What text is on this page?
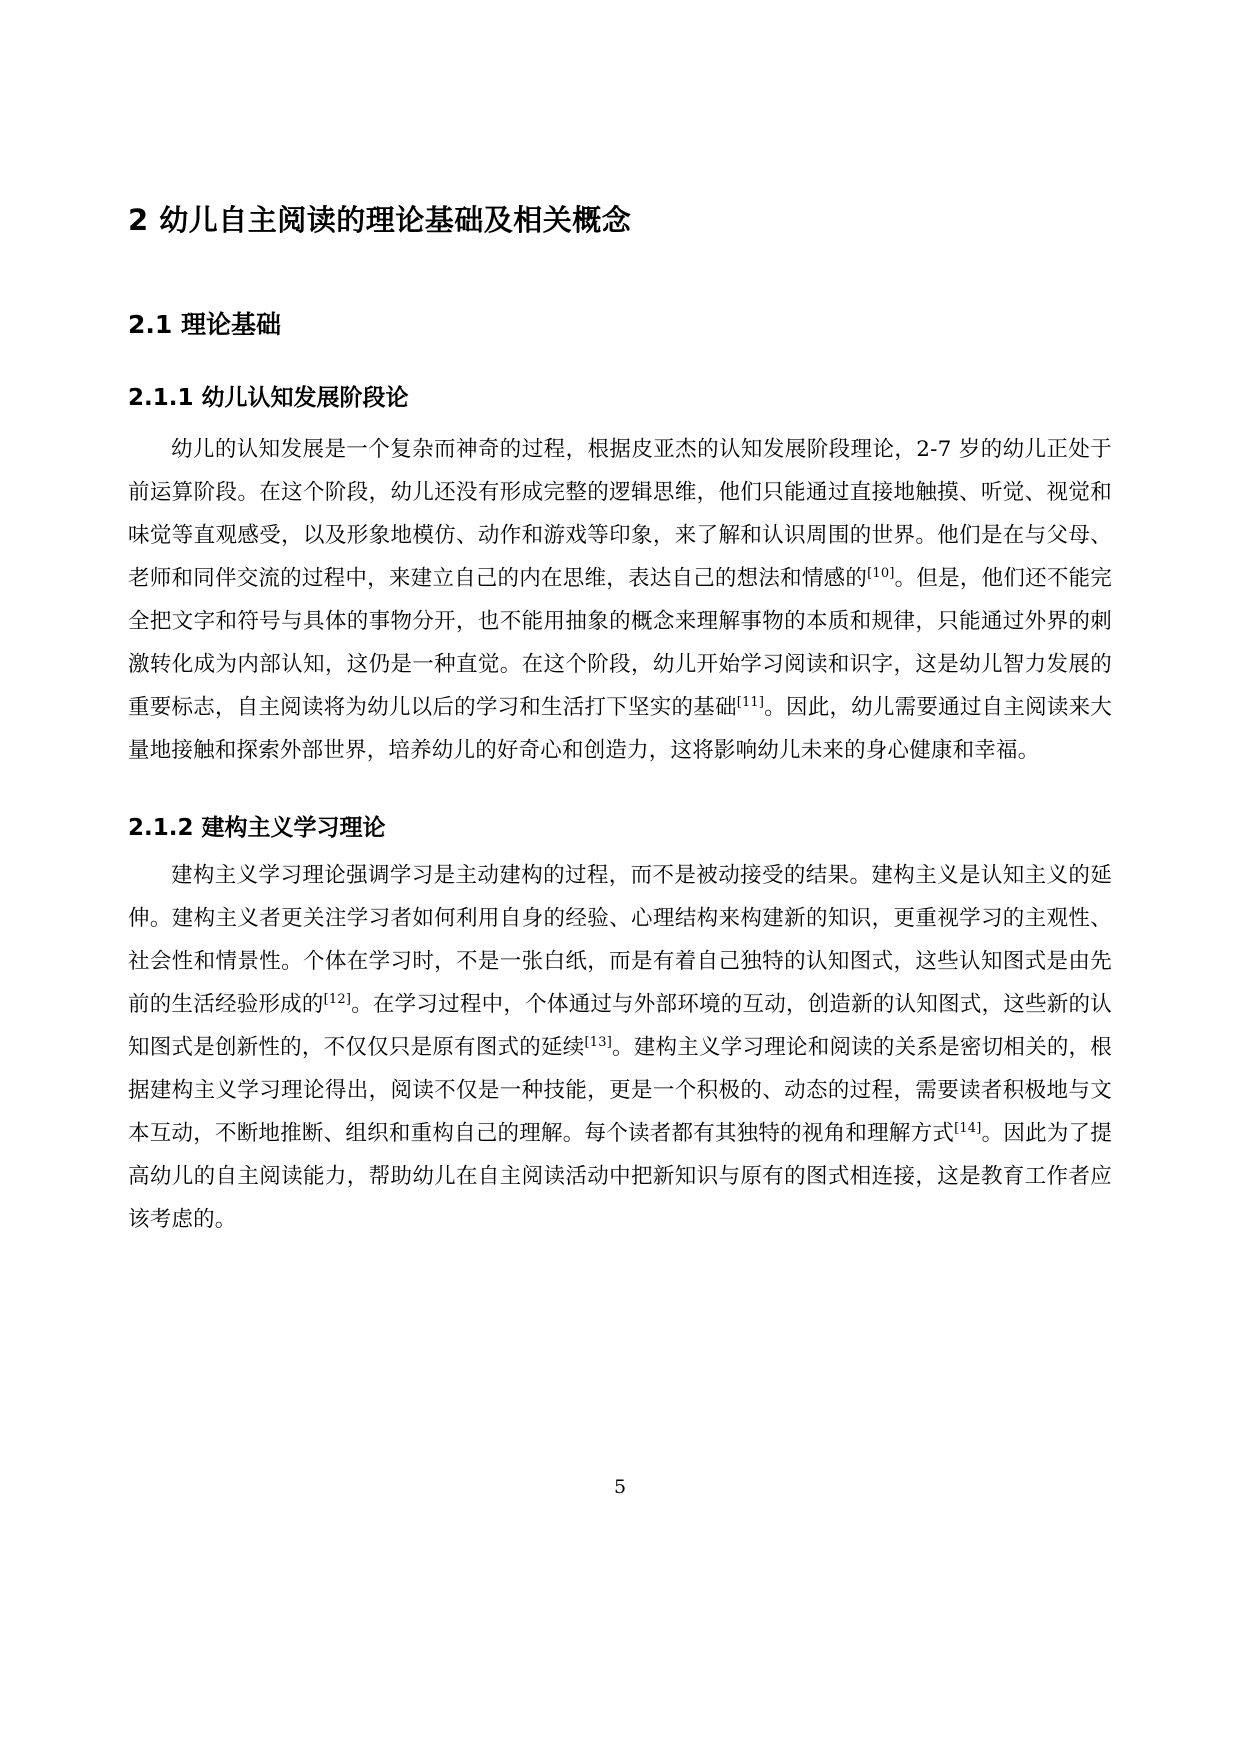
2 幼儿自主阅读的理论基础及相关概念
2.1 理论基础
2.1.1 幼儿认知发展阶段论

幼儿的认知发展是一个复杂而神奇的过程，根据皮亚杰的认知发展阶段理论，2-7 岁的幼儿正处于前运算阶段。在这个阶段，幼儿还没有形成完整的逻辑思维，他们只能通过直接地触摸、听觉、视觉和味觉等直观感受，以及形象地模仿、动作和游戏等印象，来了解和认识周围的世界。他们是在与父母、老师和同伴交流的过程中，来建立自己的内在思维，表达自己的想法和情感的[10]。但是，他们还不能完全把文字和符号与具体的事物分开，也不能用抽象的概念来理解事物的本质和规律，只能通过外界的刺激转化成为内部认知，这仍是一种直觉。在这个阶段，幼儿开始学习阅读和识字，这是幼儿智力发展的重要标志，自主阅读将为幼儿以后的学习和生活打下坚实的基础[11]。因此，幼儿需要通过自主阅读来大量地接触和探索外部世界，培养幼儿的好奇心和创造力，这将影响幼儿未来的身心健康和幸福。

2.1.2 建构主义学习理论

建构主义学习理论强调学习是主动建构的过程，而不是被动接受的结果。建构主义是认知主义的延伸。建构主义者更关注学习者如何利用自身的经验、心理结构来构建新的知识，更重视学习的主观性、社会性和情景性。个体在学习时，不是一张白纸，而是有着自己独特的认知图式，这些认知图式是由先前的生活经验形成的[12]。在学习过程中，个体通过与外部环境的互动，创造新的认知图式，这些新的认知图式是创新性的，不仅仅只是原有图式的延续[13]。建构主义学习理论和阅读的关系是密切相关的，根据建构主义学习理论得出，阅读不仅是一种技能，更是一个积极的、动态的过程，需要读者积极地与文本互动，不断地推断、组织和重构自己的理解。每个读者都有其独特的视角和理解方式[14]。因此为了提高幼儿的自主阅读能力，帮助幼儿在自主阅读活动中把新知识与原有的图式相连接，这是教育工作者应该考虑的。

5
